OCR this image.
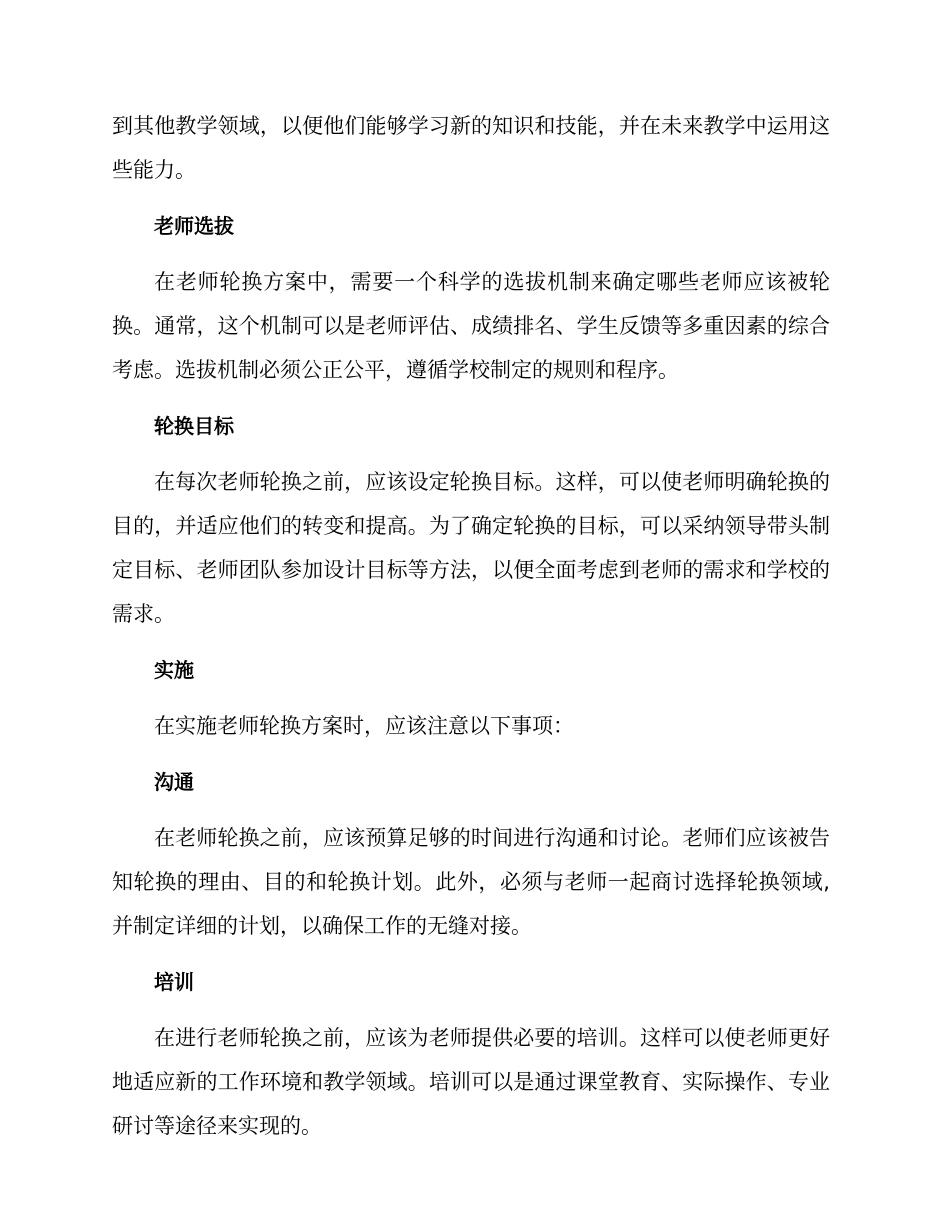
到其他教学领域，以便他们能够学习新的知识和技能，并在未来教学中运用这些能力。

老师选拔

在老师轮换方案中，需要一个科学的选拔机制来确定哪些老师应该被轮换。通常，这个机制可以是老师评估、成绩排名、学生反馈等多重因素的综合考虑。选拔机制必须公正公平，遵循学校制定的规则和程序。

轮换目标

在每次老师轮换之前，应该设定轮换目标。这样，可以使老师明确轮换的目的，并适应他们的转变和提高。为了确定轮换的目标，可以采纳领导带头制定目标、老师团队参加设计目标等方法，以便全面考虑到老师的需求和学校的需求。

实施

在实施老师轮换方案时，应该注意以下事项：

沟通

在老师轮换之前，应该预算足够的时间进行沟通和讨论。老师们应该被告知轮换的理由、目的和轮换计划。此外，必须与老师一起商讨选择轮换领域,并制定详细的计划，以确保工作的无缝对接。

培训

在进行老师轮换之前，应该为老师提供必要的培训。这样可以使老师更好地适应新的工作环境和教学领域。培训可以是通过课堂教育、实际操作、专业研讨等途径来实现的。
